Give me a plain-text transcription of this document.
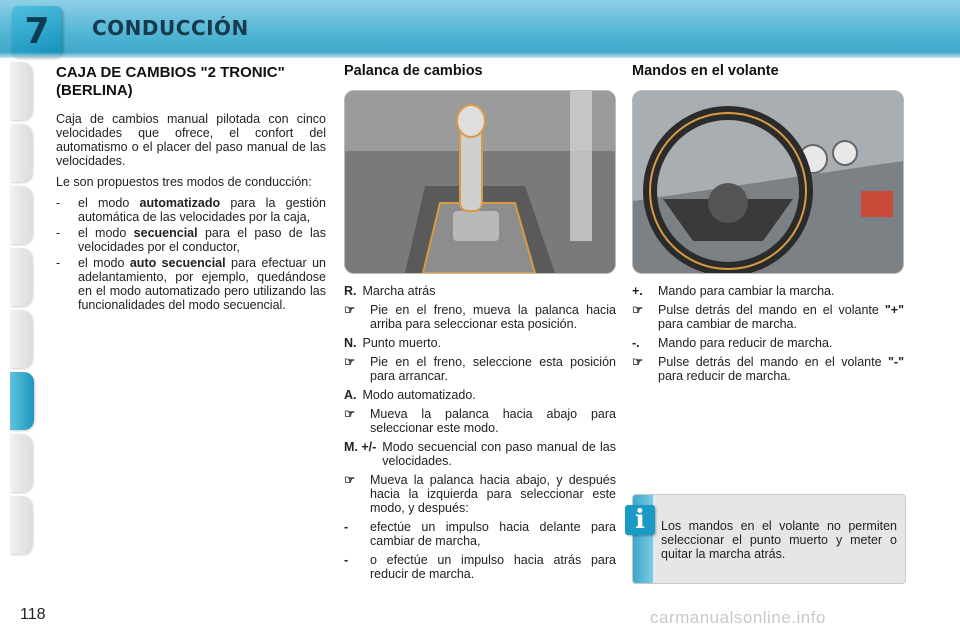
7 CONDUCCIÓN
CAJA DE CAMBIOS "2 TRONIC" (BERLINA)

Caja de cambios manual pilotada con cinco velocidades que ofrece, el confort del automatismo o el placer del paso manual de las velocidades.

Le son propuestos tres modos de conducción:

-	el modo automatizado para la gestión automática de las velocidades por la caja,
-	el modo secuencial para el paso de las velocidades por el conductor,
-	el modo auto secuencial para efectuar un adelantamiento, por ejemplo, quedándose en el modo automatizado pero utilizando las funcionalidades del modo secuencial.
Palanca de cambios
R. Marcha atrás
☞	Pie en el freno, mueva la palanca hacia arriba para seleccionar esta posición.
N. Punto muerto.
☞	Pie en el freno, seleccione esta posición para arrancar.
A. Modo automatizado.
☞	Mueva la palanca hacia abajo para seleccionar este modo.
M. +/- Modo secuencial con paso manual de las velocidades.
☞	Mueva la palanca hacia abajo, y después hacia la izquierda para seleccionar este modo, y después:
-	efectúe un impulso hacia delante para cambiar de marcha,
-	o efectúe un impulso hacia atrás para reducir de marcha.
Mandos en el volante
+.	Mando para cambiar la marcha.
☞	Pulse detrás del mando en el volante "+" para cambiar de marcha.
-.	Mando para reducir de marcha.
☞	Pulse detrás del mando en el volante "-" para reducir de marcha.
i	Los mandos en el volante no permiten seleccionar el punto muerto y meter o quitar la marcha atrás.
118	carmanualsonline.info
